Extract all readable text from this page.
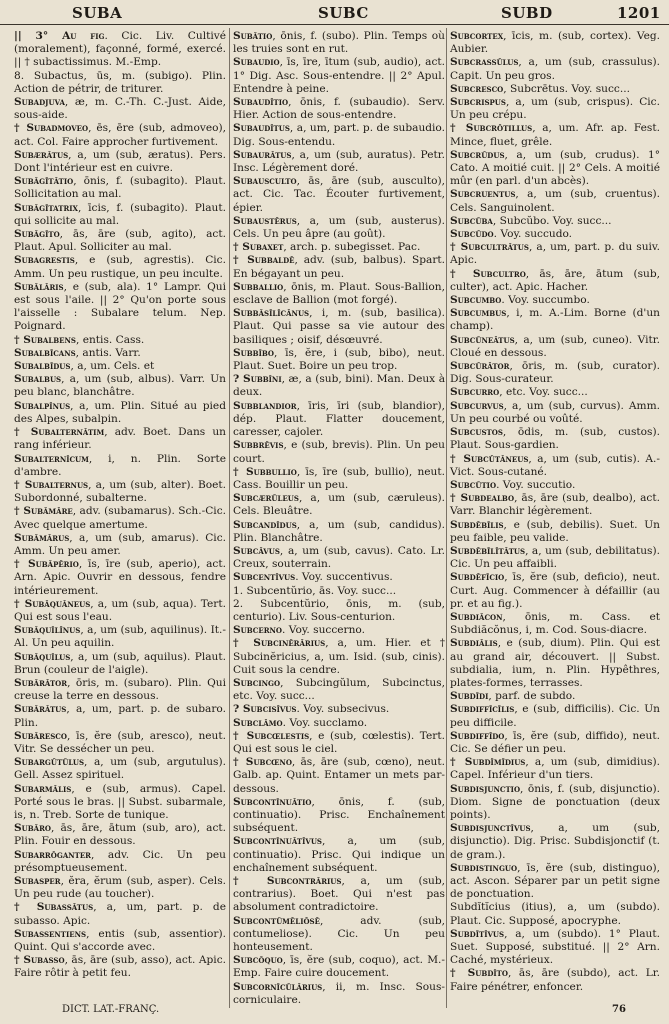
SUBA	SUBC	SUBD	1201

|| 3° Au fig. Cic. Liv. Cultivé (moralement), façonné, formé, exercé. || † subactissimus. M.-Emp.

8. Subactus, ūs, m. (subigo). Plin. Action de pétrir, de triturer.

Subadjuva, æ, m. C.-Th. C.-Just. Aide, sous-aide.

† Subadmoveo, ēs, ēre (sub, admoveo), act. Col. Faire approcher furtivement.

Subærātus, a, um (sub, æratus). Pers. Dont l'intérieur est en cuivre.

Subăgĭtātio, ōnis, f. (subagito). Plaut. Sollicitation au mal.

Subăgĭtatrix, īcis, f. (subagito). Plaut. qui sollicite au mal.

Subăgĭto, ās, āre (sub, agito), act. Plaut. Apul. Solliciter au mal.

Subagrestis, e (sub, agrestis). Cic. Amm. Un peu rustique, un peu inculte.

Subălāris, e (sub, ala). 1° Lampr. Qui est sous l'aile. || 2° Qu'on porte sous l'aisselle : Subalare telum. Nep. Poignard.

† Subalbens, entis. Cass.

Subalbĭcans, antis. Varr.

Subalbĭdus, a, um. Cels. et

Subalbus, a, um (sub, albus). Varr. Un peu blanc, blanchâtre.

Subalpīnus, a, um. Plin. Situé au pied des Alpes, subalpin.

† Subalternātim, adv. Boet. Dans un rang inférieur.

Subalternĭcum, i, n. Plin. Sorte d'ambre.

† Subalternus, a, um (sub, alter). Boet. Subordonné, subalterne.

† Subămāre, adv. (subamarus). Sch.-Cic. Avec quelque amertume.

Subămārus, a, um (sub, amarus). Cic. Amm. Un peu amer.

† Subăpĕrio, īs, īre (sub, aperio), act. Arn. Apic. Ouvrir en dessous, fendre intérieurement.

† Subăquāneus, a, um (sub, aqua). Tert. Qui est sous l'eau.

Subăquĭlīnus, a, um (sub, aquilinus). It.-Al. Un peu aquilin.

Subăquĭlus, a, um (sub, aquilus). Plaut. Brun (couleur de l'aigle).

Subărātor, ōris, m. (subaro). Plin. Qui creuse la terre en dessous.

Subărātus, a, um, part. p. de subaro. Plin.

Subăresco, īs, ĕre (sub, aresco), neut. Vitr. Se dessécher un peu.

Subargūtŭlus, a, um (sub, argutulus). Gell. Assez spirituel.

Subarmālis, e (sub, armus). Capel. Porté sous le bras. || Subst. subarmale, is, n. Treb. Sorte de tunique.

Subăro, ās, āre, ātum (sub, aro), act. Plin. Fouir en dessous.

Subarrŏganter, adv. Cic. Un peu présomptueusement.

Subasper, ĕra, ĕrum (sub, asper). Cels. Un peu rude (au toucher).

† Subassātus, a, um, part. p. de subasso. Apic.

Subassentiens, entis (sub, assentior). Quint. Qui s'accorde avec.

† Subasso, ās, āre (sub, asso), act. Apic. Faire rôtir à petit feu.

Subătio, ōnis, f. (subo). Plin. Temps où les truies sont en rut.

Subaudio, īs, īre, ītum (sub, audio), act. 1° Dig. Asc. Sous-entendre. || 2° Apul. Entendre à peine.

Subaudītio, ōnis, f. (subaudio). Serv. Hier. Action de sous-entendre.

Subaudītus, a, um, part. p. de subaudio. Dig. Sous-entendu.

Subaurātus, a, um (sub, auratus). Petr. Insc. Légèrement doré.

Subausculto, ās, āre (sub, ausculto), act. Cic. Tac. Écouter furtivement, épier.

Subaustērus, a, um (sub, austerus). Cels. Un peu âpre (au goût).

† Subaxet, arch. p. subegisset. Pac.

† Subbaldē, adv. (sub, balbus). Spart. En bégayant un peu.

Subballio, ōnis, m. Plaut. Sous-Ballion, esclave de Ballion (mot forgé).

Subbăsĭlĭcānus, i, m. (sub, basilica). Plaut. Qui passe sa vie autour des basiliques ; oisif, désœuvré.

Subbĭbo, īs, ĕre, i (sub, bibo), neut. Plaut. Suet. Boire un peu trop.

? Subbīni, æ, a (sub, bini). Man. Deux à deux.

Subblandior, īris, īri (sub, blandior), dép. Plaut. Flatter doucement, caresser, cajoler.

Subbrĕvis, e (sub, brevis). Plin. Un peu court.

† Subbullio, īs, īre (sub, bullio), neut. Cass. Bouillir un peu.

Subcærŭleus, a, um (sub, cæruleus). Cels. Bleuâtre.

Subcandĭdus, a, um (sub, candidus). Plin. Blanchâtre.

Subcăvus, a, um (sub, cavus). Cato. Lr. Creux, souterrain.

Subcentīvus. Voy. succentivus.

1. Subcentŭrio, ās. Voy. succ...

2. Subcentŭrio, ōnis, m. (sub, centurio). Liv. Sous-centurion.

Subcerno. Voy. succerno.

† Subcinĕrārius, a, um. Hier. et † Subcinĕricius, a, um. Isid. (sub, cinis). Cuit sous la cendre.

Subcingo, Subcingŭlum, Subcinctus, etc. Voy. succ...

? Subcisīvus. Voy. subsecivus.

Subclāmo. Voy. succlamo.

† Subcœlestis, e (sub, cœlestis). Tert. Qui est sous le ciel.

† Subcœno, ās, āre (sub, cœno), neut. Galb. ap. Quint. Entamer un mets par-dessous.

Subcontĭnuātio, ōnis, f. (sub, continuatio). Prisc. Enchaînement subséquent.

Subcontĭnuātīvus, a, um (sub, continuatio). Prisc. Qui indique un enchaînement subséquent.

† Subcontrārius, a, um (sub, contrarius). Boet. Qui n'est pas absolument contradictoire.

Subcontŭmēliōsē, adv. (sub, contumeliose). Cic. Un peu honteusement.

Subcŏquo, īs, ĕre (sub, coquo), act. M.-Emp. Faire cuire doucement.

Subcornĭcŭlārius, ii, m. Insc. Sous-corniculaire.

Subcortex, īcis, m. (sub, cortex). Veg. Aubier.

Subcrassŭlus, a, um (sub, crassulus). Capit. Un peu gros.

Subcresco, Subcrētus. Voy. succ...

Subcrispus, a, um (sub, crispus). Cic. Un peu crépu.

† Subcrōtillus, a, um. Afr. ap. Fest. Mince, fluet, grêle.

Subcrūdus, a, um (sub, crudus). 1° Cato. A moitié cuit. || 2° Cels. A moitié mûr (en parl. d'un abcès).

Subcruentus, a, um (sub, cruentus). Cels. Sanguinolent.

Subcŭba, Subcŭbo. Voy. succ...

Subcūdo. Voy. succudo.

† Subcultrātus, a, um, part. p. du suiv. Apic.

† Subcultro, ās, āre, ātum (sub, culter), act. Apic. Hacher.

Subcumbo. Voy. succumbo.

Subcumbus, i, m. A.-Lim. Borne (d'un champ).

Subcŭneātus, a, um (sub, cuneo). Vitr. Cloué en dessous.

Subcūrātor, ōris, m. (sub, curator). Dig. Sous-curateur.

Subcurro, etc. Voy. succ...

Subcurvus, a, um (sub, curvus). Amm. Un peu courbé ou voûté.

Subcustos, ōdis, m. (sub, custos). Plaut. Sous-gardien.

† Subcŭtāneus, a, um (sub, cutis). A.-Vict. Sous-cutané.

Subcŭtio. Voy. succutio.

† Subdealbo, ās, āre (sub, dealbo), act. Varr. Blanchir légèrement.

Subdēbĭlis, e (sub, debilis). Suet. Un peu faible, peu valide.

Subdēbĭlĭtātus, a, um (sub, debilitatus). Cic. Un peu affaibli.

Subdēfĭcio, īs, ĕre (sub, deficio), neut. Curt. Aug. Commencer à défaillir (au pr. et au fig.).

Subdiăcon, ōnis, m. Cass. et Subdiăcŏnus, i, m. Cod. Sous-diacre.

Subdiālis, e (sub, dium). Plin. Qui est au grand air, découvert. || Subst. subdialia, ium, n. Plin. Hypêthres, plates-formes, terrasses.

Subdĭdi, parf. de subdo.

Subdiffĭcĭlis, e (sub, difficilis). Cic. Un peu difficile.

Subdiffīdo, īs, ĕre (sub, diffido), neut. Cic. Se défier un peu.

† Subdĭmĭdius, a, um (sub, dimidius). Capel. Inférieur d'un tiers.

Subdisjunctio, ōnis, f. (sub, disjunctio). Diom. Signe de ponctuation (deux points).

Subdisjunctīvus, a, um (sub, disjunctio). Dig. Prisc. Subdisjonctif (t. de gram.).

Subdistinguo, īs, ĕre (sub, distinguo), act. Ascon. Séparer par un petit signe de ponctuation.

Subdĭtĭcius (itius), a, um (subdo). Plaut. Cic. Supposé, apocryphe.

Subdĭtīvus, a, um (subdo). 1° Plaut. Suet. Supposé, substitué. || 2° Arn. Caché, mystérieux.

† Subdĭto, ās, āre (subdo), act. Lr. Faire pénétrer, enfoncer.

DICT. LAT.-FRANÇ.	76
